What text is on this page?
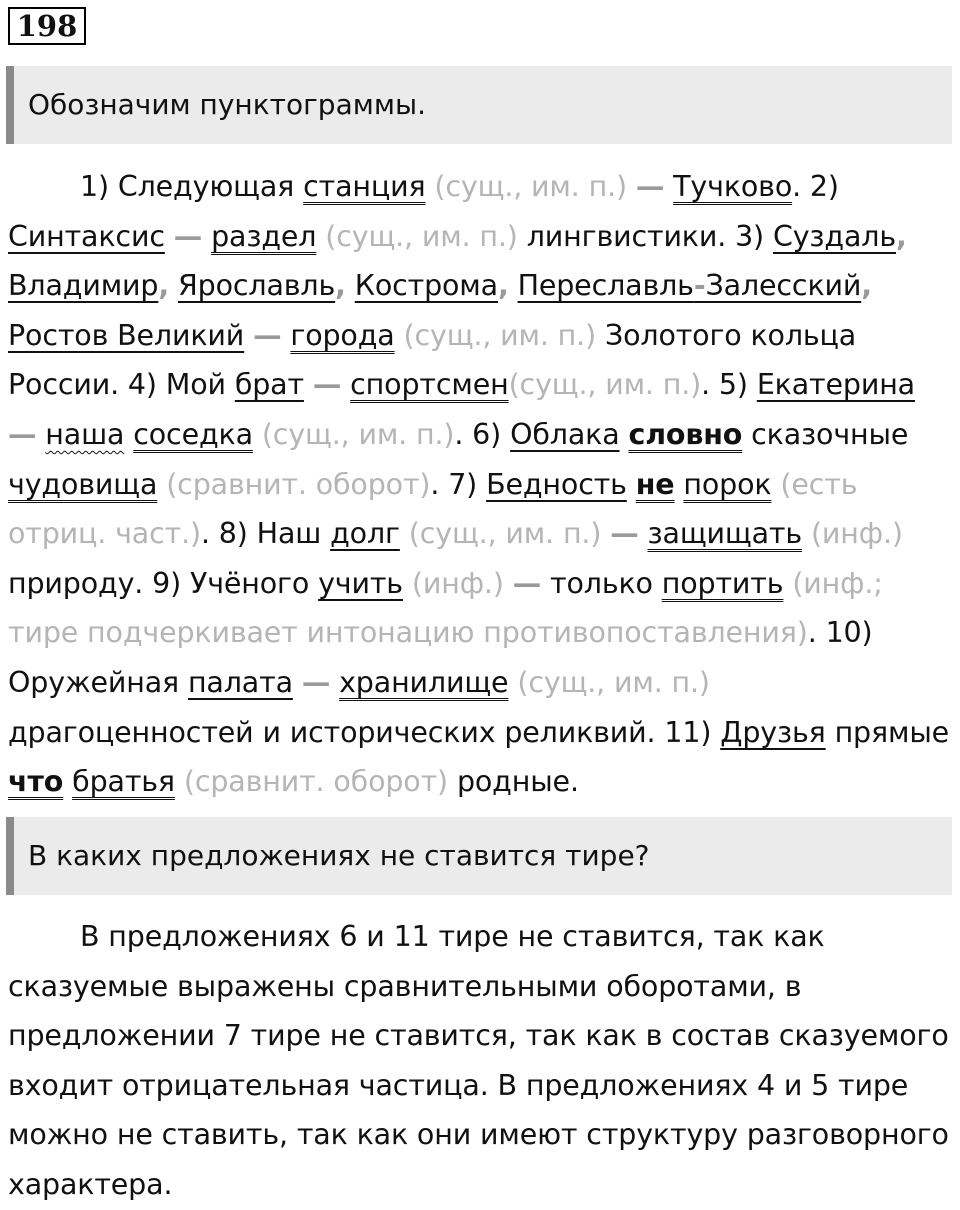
198
Обозначим пунктограммы.

1) Следующая станция (сущ., им. п.) — Тучково. 2) Синтаксис — раздел (сущ., им. п.) лингвистики. 3) Суздаль, Владимир, Ярославль, Кострома, Переславль-Залесский, Ростов Великий — города (сущ., им. п.) Золотого кольца России. 4) Мой брат — спортсмен(сущ., им. п.). 5) Екатерина — наша соседка (сущ., им. п.). 6) Облака словно сказочные чудовища (сравнит. оборот). 7) Бедность не порок (есть отриц. част.). 8) Наш долг (сущ., им. п.) — защищать (инф.) природу. 9) Учёного учить (инф.) — только портить (инф.; тире подчеркивает интонацию противопоставления). 10) Оружейная палата — хранилище (сущ., им. п.) драгоценностей и исторических реликвий. 11) Друзья прямые что братья (сравнит. оборот) родные.

В каких предложениях не ставится тире?

В предложениях 6 и 11 тире не ставится, так как сказуемые выражены сравнительными оборотами, в предложении 7 тире не ставится, так как в состав сказуемого входит отрицательная частица. В предложениях 4 и 5 тире можно не ставить, так как они имеют структуру разговорного характера.
